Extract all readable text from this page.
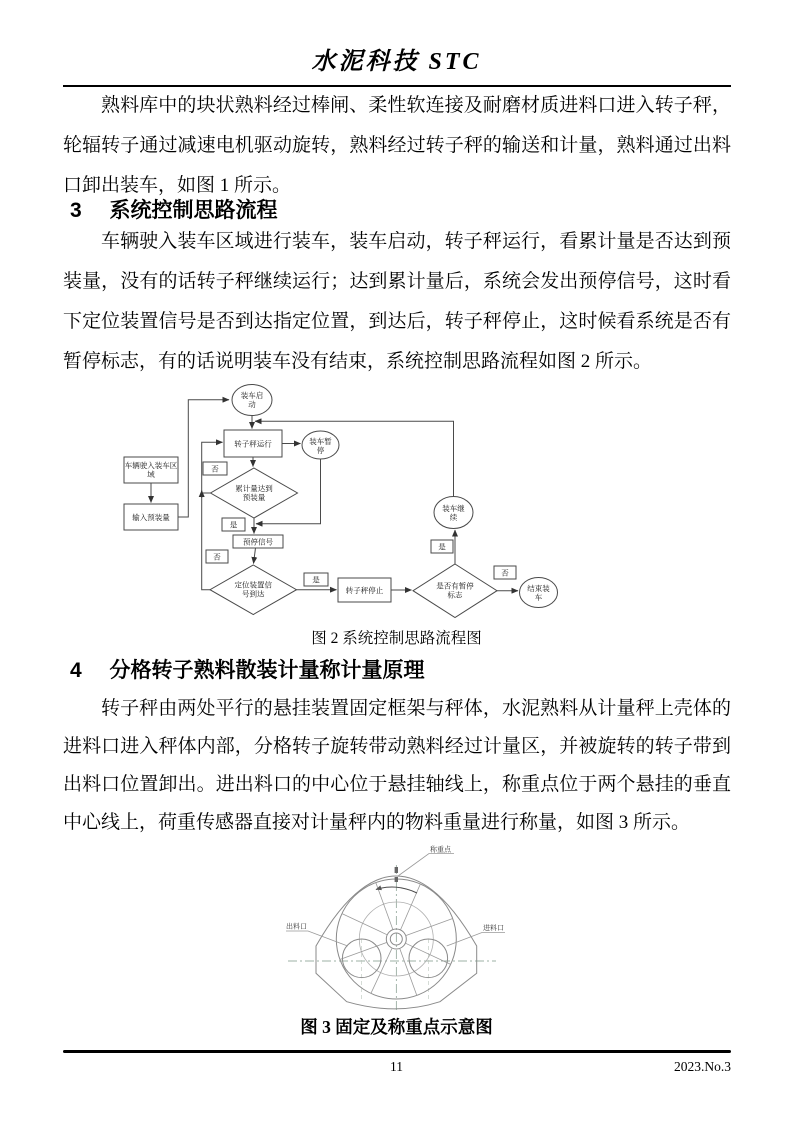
水泥科技 STC
熟料库中的块状熟料经过棒闸、柔性软连接及耐磨材质进料口进入转子秤，轮辐转子通过减速电机驱动旋转，熟料经过转子秤的输送和计量，熟料通过出料口卸出装车，如图 1 所示。
3 系统控制思路流程
车辆驶入装车区域进行装车，装车启动，转子秤运行，看累计量是否达到预装量，没有的话转子秤继续运行；达到累计量后，系统会发出预停信号，这时看下定位装置信号是否到达指定位置，到达后，转子秤停止，这时候看系统是否有暂停标志，有的话说明装车没有结束，系统控制思路流程如图 2 所示。
装车启动
车辆驶入装车区域
输入预装量
转子秤运行	装车暂停
累计量达到预装量
预停信号
定位装置信号到达	转子秤停止	是否有暂停标志
装车继续
结束装车
否
是
否
是
是
否
图 2 系统控制思路流程图
4 分格转子熟料散装计量称计量原理
转子秤由两处平行的悬挂装置固定框架与秤体，水泥熟料从计量秤上壳体的进料口进入秤体内部，分格转子旋转带动熟料经过计量区，并被旋转的转子带到出料口位置卸出。进出料口的中心位于悬挂轴线上，称重点位于两个悬挂的垂直中心线上，荷重传感器直接对计量秤内的物料重量进行称量，如图 3 所示。
称重点
出料口	进料口
图 3 固定及称重点示意图
11	2023.No.3
